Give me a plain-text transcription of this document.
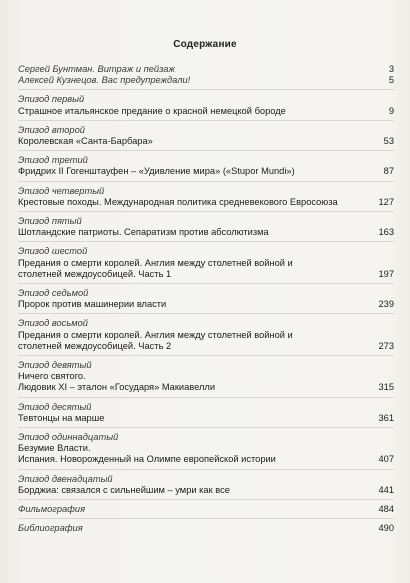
Содержание
Сергей Бунтман. Витраж и пейзаж	3
Алексей Кузнецов. Вас предупреждали!	5
Эпизод первый
Страшное итальянское предание о красной немецкой бороде	9
Эпизод второй
Королевская «Санта-Барбара»	53
Эпизод третий
Фридрих II Гогенштауфен – «Удивление мира» («Stupor Mundi»)	87
Эпизод четвертый
Крестовые походы. Международная политика средневекового Евросоюза	127
Эпизод пятый
Шотландские патриоты. Сепаратизм против абсолютизма	163
Эпизод шестой
Предания о смерти королей. Англия между столетней войной и
столетней междоусобицей. Часть 1	197
Эпизод седьмой
Пророк против машинерии власти	239
Эпизод восьмой
Предания о смерти королей. Англия между столетней войной и
столетней междоусобицей. Часть 2	273
Эпизод девятый
Ничего святого.
Людовик XI – эталон «Государя» Макиавелли	315
Эпизод десятый
Тевтонцы на марше	361
Эпизод одиннадцатый
Безумие Власти.
Испания. Новорожденный на Олимпе европейской истории	407
Эпизод двенадцатый
Борджиа: связался с сильнейшим – умри как все	441
Фильмография	484
Библиография	490
